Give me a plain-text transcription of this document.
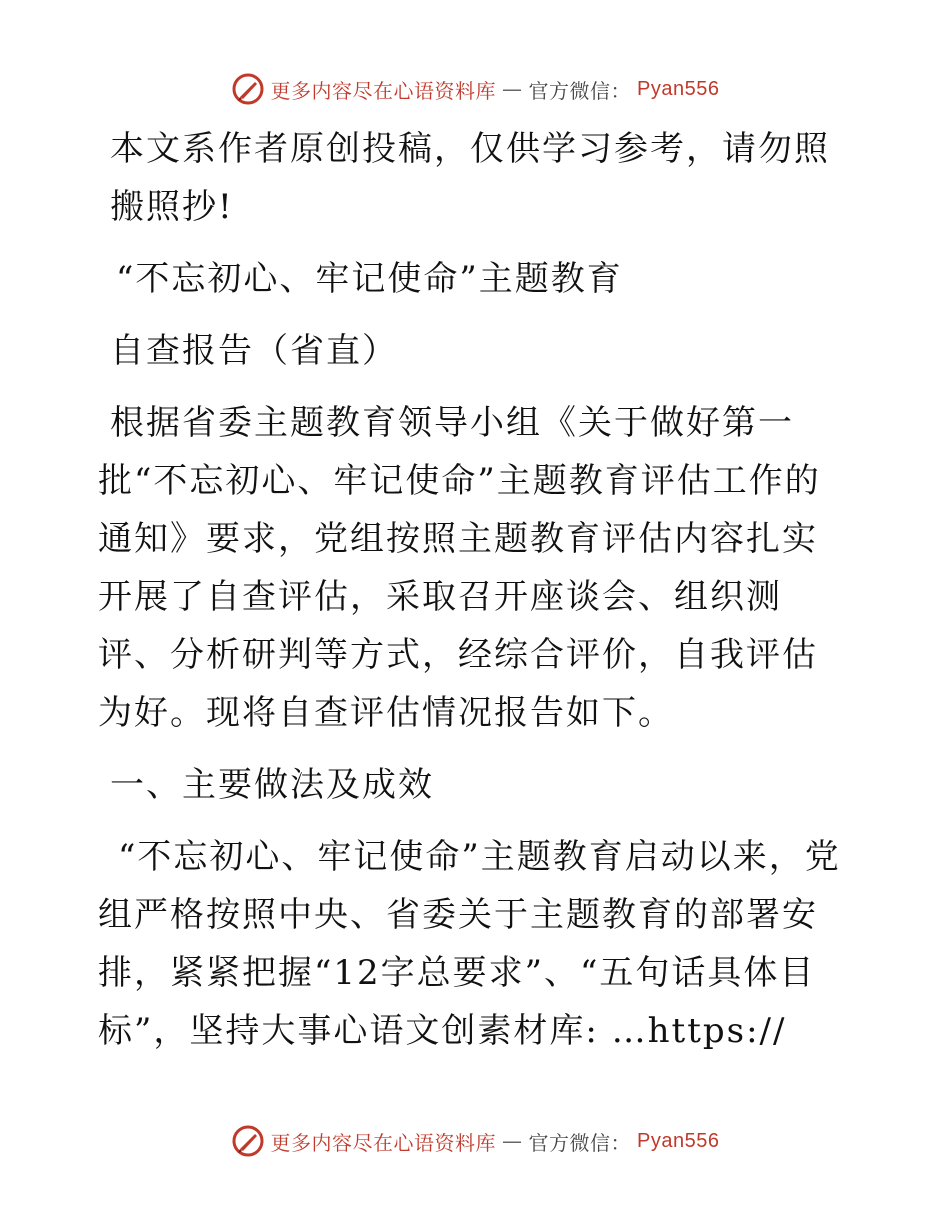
更多内容尽在心语资料库 — 官方微信： Pyan556

本文系作者原创投稿，仅供学习参考，请勿照搬照抄!

“不忘初心、牢记使命”主题教育

自查报告（省直）

根据省委主题教育领导小组《关于做好第一批“不忘初心、牢记使命”主题教育评估工作的通知》要求，党组按照主题教育评估内容扎实开展了自查评估，采取召开座谈会、组织测评、分析研判等方式，经综合评价，自我评估为好。现将自查评估情况报告如下。

一、主要做法及成效

“不忘初心、牢记使命”主题教育启动以来，党组严格按照中央、省委关于主题教育的部署安排，紧紧把握“12字总要求”、“五句话具体目标”，坚持大事心语文创素材库: …https://

更多内容尽在心语资料库 — 官方微信： Pyan556
